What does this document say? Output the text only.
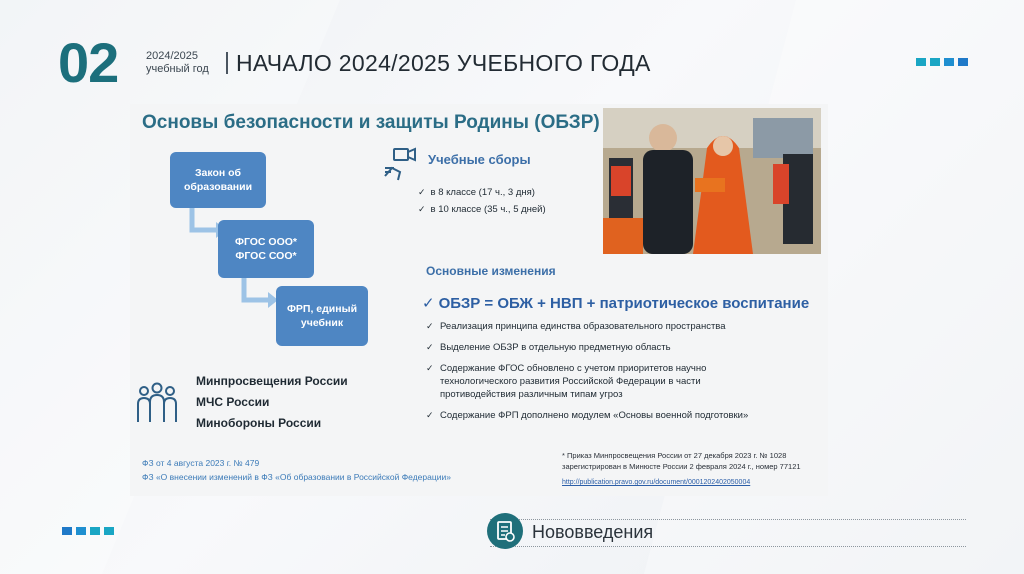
02	2024/2025
учебный год НАЧАЛО 2024/2025 УЧЕБНОГО ГОДА
Основы безопасности и защиты Родины (ОБЗР)
Закон об образовании
ФГОС ООО* ФГОС СОО*
ФРП, единый учебник
Минпросвещения России
МЧС России
Минобороны России
ФЗ от 4 августа 2023 г. № 479
ФЗ «О внесении изменений в ФЗ «Об образовании в Российской Федерации»
Учебные сборы
✓ в 8 классе (17 ч., 3 дня)
✓ в 10 классе (35 ч., 5 дней)
Основные изменения
✓ ОБЗР = ОБЖ + НВП + патриотическое воспитание
✓ Реализация принципа единства образовательного пространства
✓ Выделение ОБЗР в отдельную предметную область
✓ Содержание ФГОС обновлено с учетом приоритетов научно технологического развития Российской Федерации в части противодействия различным типам угроз
✓ Содержание ФРП дополнено модулем «Основы военной подготовки»
* Приказ Минпросвещения России от 27 декабря 2023 г. № 1028
зарегистрирован в Минюсте России 2 февраля 2024 г., номер 77121
http://publication.pravo.gov.ru/document/0001202402050004
Нововведения
